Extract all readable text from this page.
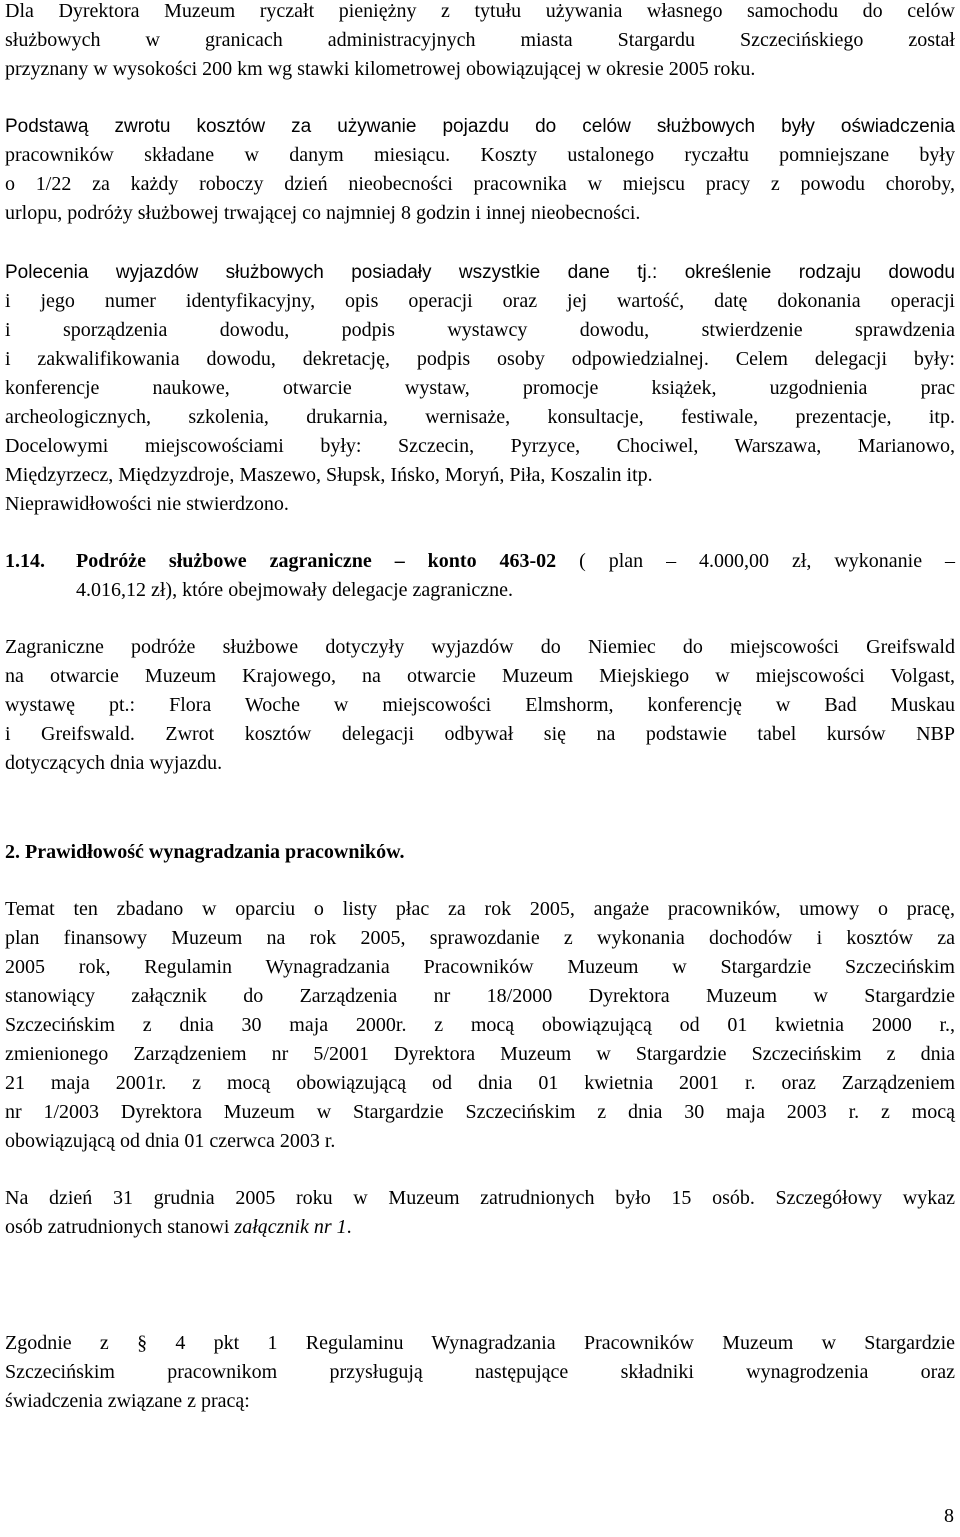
Dla Dyrektora Muzeum ryczałt pieniężny z tytułu używania własnego samochodu do celów
służbowych w granicach administracyjnych miasta Stargardu Szczecińskiego został
przyznany w wysokości 200 km wg stawki kilometrowej obowiązującej w okresie 2005 roku.
Podstawą zwrotu kosztów za używanie pojazdu do celów służbowych były oświadczenia
pracowników składane w danym miesiącu. Koszty ustalonego ryczałtu pomniejszane były
o 1/22 za każdy roboczy dzień nieobecności pracownika w miejscu pracy z powodu choroby,
urlopu, podróży służbowej trwającej co najmniej 8 godzin i innej nieobecności.
Polecenia wyjazdów służbowych posiadały wszystkie dane tj.: określenie rodzaju dowodu
i jego numer identyfikacyjny, opis operacji oraz jej wartość, datę dokonania operacji
i sporządzenia dowodu, podpis wystawcy dowodu, stwierdzenie sprawdzenia
i zakwalifikowania dowodu, dekretację, podpis osoby odpowiedzialnej. Celem delegacji były:
konferencje naukowe, otwarcie wystaw, promocje książek, uzgodnienia prac
archeologicznych, szkolenia, drukarnia, wernisaże, konsultacje, festiwale, prezentacje, itp.
Docelowymi miejscowościami były: Szczecin, Pyrzyce, Chociwel, Warszawa, Marianowo,
Międzyrzecz, Międzyzdroje, Maszewo, Słupsk, Ińsko, Moryń, Piła, Koszalin itp.
Nieprawidłowości nie stwierdzono.
1.14.	Podróże służbowe zagraniczne – konto 463-02 ( plan – 4.000,00 zł, wykonanie –
4.016,12 zł), które obejmowały delegacje zagraniczne.
Zagraniczne podróże służbowe dotyczyły wyjazdów do Niemiec do miejscowości Greifswald
na otwarcie Muzeum Krajowego, na otwarcie Muzeum Miejskiego w miejscowości Volgast,
wystawę pt.: Flora Woche w miejscowości Elmshorm, konferencję w Bad Muskau
i Greifswald. Zwrot kosztów delegacji odbywał się na podstawie tabel kursów NBP
dotyczących dnia wyjazdu.
2. Prawidłowość wynagradzania pracowników.
Temat ten zbadano w oparciu o listy płac za rok 2005, angaże pracowników, umowy o pracę,
plan finansowy Muzeum na rok 2005, sprawozdanie z wykonania dochodów i kosztów za
2005 rok, Regulamin Wynagradzania Pracowników Muzeum w Stargardzie Szczecińskim
stanowiący załącznik do Zarządzenia nr 18/2000 Dyrektora Muzeum w Stargardzie
Szczecińskim z dnia 30 maja 2000r. z mocą obowiązującą od 01 kwietnia 2000 r.,
zmienionego Zarządzeniem nr 5/2001 Dyrektora Muzeum w Stargardzie Szczecińskim z dnia
21 maja 2001r. z mocą obowiązującą od dnia 01 kwietnia 2001 r. oraz Zarządzeniem
nr 1/2003 Dyrektora Muzeum w Stargardzie Szczecińskim z dnia 30 maja 2003 r. z mocą
obowiązującą od dnia 01 czerwca 2003 r.
Na dzień 31 grudnia 2005 roku w Muzeum zatrudnionych było 15 osób. Szczegółowy wykaz
osób zatrudnionych stanowi załącznik nr 1.
Zgodnie z § 4 pkt 1 Regulaminu Wynagradzania Pracowników Muzeum w Stargardzie
Szczecińskim pracownikom przysługują następujące składniki wynagrodzenia oraz
świadczenia związane z pracą:
8
